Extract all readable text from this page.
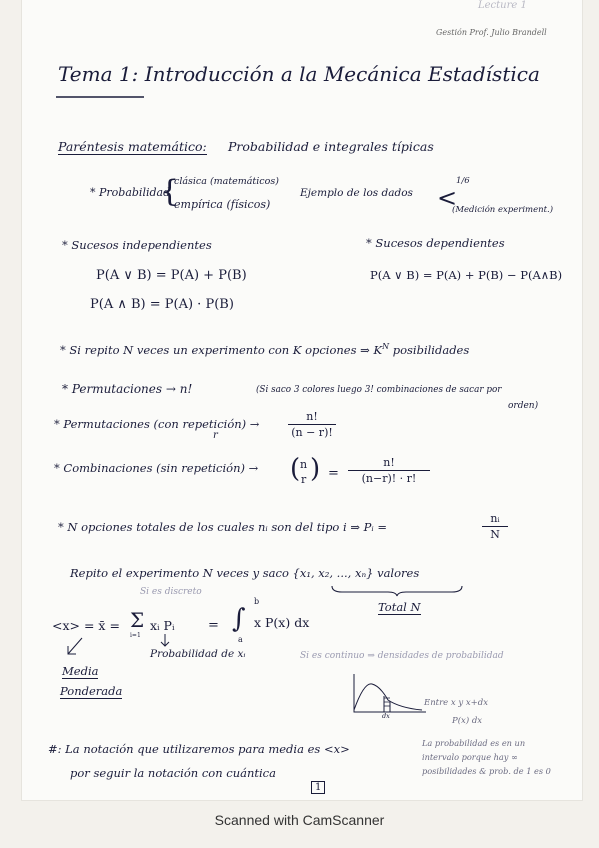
Lecture 1
Gestión Prof. Julio Brandell
Tema 1: Introducción a la Mecánica Estadística
Paréntesis matemático: Probabilidad e integrales típicas
* Probabilidad
{
clásica (matemáticos)
empírica (físicos)
Ejemplo de los dados <
1/6
(Medición experiment.)
* Sucesos independientes
P(A ∨ B) = P(A) + P(B)
P(A ∧ B) = P(A) · P(B)
* Sucesos dependientes
P(A ∨ B) = P(A) + P(B) − P(A∧B)
* Si repito N veces un experimento con K opciones ⇒ $K^N$ posibilidades
* Permutaciones → n!	(Si saco 3 colores luego 3! combinaciones de sacar por
orden)
* Permutaciones (con repetición) →
r
n!
(n − r)!
* Combinaciones (sin repetición) → ( n
r ) =
n!
(n−r)! · r!
* N opciones totales de los cuales nᵢ son del tipo i ⇒ Pᵢ =
nᵢ
N
Repito el experimento N veces y saco {x₁, x₂, ..., xₙ} valores
Total N
Si es discreto
<x> = x̄ = Σ
i=1
xᵢ Pᵢ	= ∫
b
a
x P(x) dx
Probabilidad de xᵢ	Si es continuo ⇒ densidades de probabilidad
Media
Ponderada
dx
Entre x y x+dx
P(x) dx
#: La notación que utilizaremos para media es <x>
por seguir la notación con cuántica
La probabilidad es en un
intervalo porque hay ∞
posibilidades & prob. de 1 es 0
1
Scanned with CamScanner
